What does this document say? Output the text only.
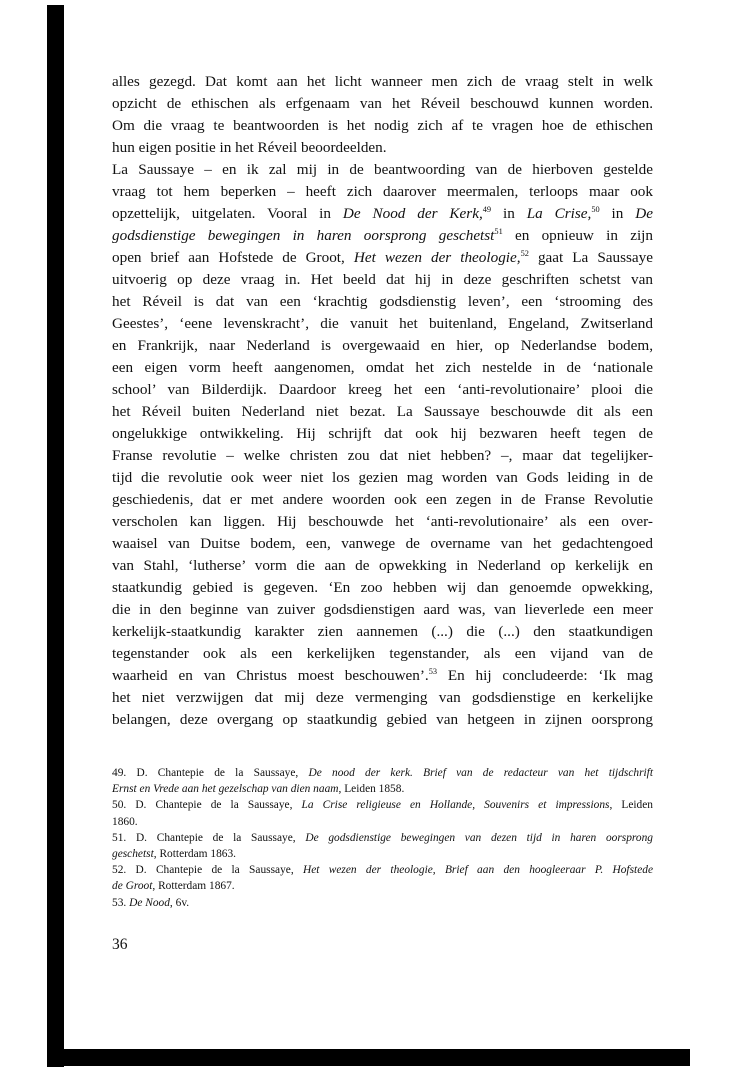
alles gezegd. Dat komt aan het licht wanneer men zich de vraag stelt in welk
opzicht de ethischen als erfgenaam van het Réveil beschouwd kunnen worden.
Om die vraag te beantwoorden is het nodig zich af te vragen hoe de ethischen
hun eigen positie in het Réveil beoordeelden.
La Saussaye – en ik zal mij in de beantwoording van de hierboven gestelde
vraag tot hem beperken – heeft zich daarover meermalen, terloops maar ook
opzettelijk, uitgelaten. Vooral in De Nood der Kerk,$^{49}$ in La Crise,$^{50}$ in De
godsdienstige bewegingen in haren oorsprong geschetst$^{51}$ en opnieuw in zijn
open brief aan Hofstede de Groot, Het wezen der theologie,$^{52}$ gaat La Saussaye
uitvoerig op deze vraag in. Het beeld dat hij in deze geschriften schetst van
het Réveil is dat van een ‘krachtig godsdienstig leven’, een ‘strooming des
Geestes’, ‘eene levenskracht’, die vanuit het buitenland, Engeland, Zwitserland
en Frankrijk, naar Nederland is overgewaaid en hier, op Nederlandse bodem,
een eigen vorm heeft aangenomen, omdat het zich nestelde in de ‘nationale
school’ van Bilderdijk. Daardoor kreeg het een ‘anti-revolutionaire’ plooi die
het Réveil buiten Nederland niet bezat. La Saussaye beschouwde dit als een
ongelukkige ontwikkeling. Hij schrijft dat ook hij bezwaren heeft tegen de
Franse revolutie – welke christen zou dat niet hebben? –, maar dat tegelijker-
tijd die revolutie ook weer niet los gezien mag worden van Gods leiding in de
geschiedenis, dat er met andere woorden ook een zegen in de Franse Revolutie
verscholen kan liggen. Hij beschouwde het ‘anti-revolutionaire’ als een over-
waaisel van Duitse bodem, een, vanwege de overname van het gedachtengoed
van Stahl, ‘lutherse’ vorm die aan de opwekking in Nederland op kerkelijk en
staatkundig gebied is gegeven. ‘En zoo hebben wij dan genoemde opwekking,
die in den beginne van zuiver godsdienstigen aard was, van lieverlede een meer
kerkelijk-staatkundig karakter zien aannemen (...) die (...) den staatkundigen
tegenstander ook als een kerkelijken tegenstander, als een vijand van de
waarheid en van Christus moest beschouwen’.$^{53}$ En hij concludeerde: ‘Ik mag
het niet verzwijgen dat mij deze vermenging van godsdienstige en kerkelijke
belangen, deze overgang op staatkundig gebied van hetgeen in zijnen oorsprong
49. D. Chantepie de la Saussaye, De nood der kerk. Brief van de redacteur van het tijdschrift
Ernst en Vrede aan het gezelschap van dien naam, Leiden 1858.
50. D. Chantepie de la Saussaye, La Crise religieuse en Hollande, Souvenirs et impressions, Leiden
1860.
51. D. Chantepie de la Saussaye, De godsdienstige bewegingen van dezen tijd in haren oorsprong
geschetst, Rotterdam 1863.
52. D. Chantepie de la Saussaye, Het wezen der theologie, Brief aan den hoogleeraar P. Hofstede
de Groot, Rotterdam 1867.
53. De Nood, 6v.
36
